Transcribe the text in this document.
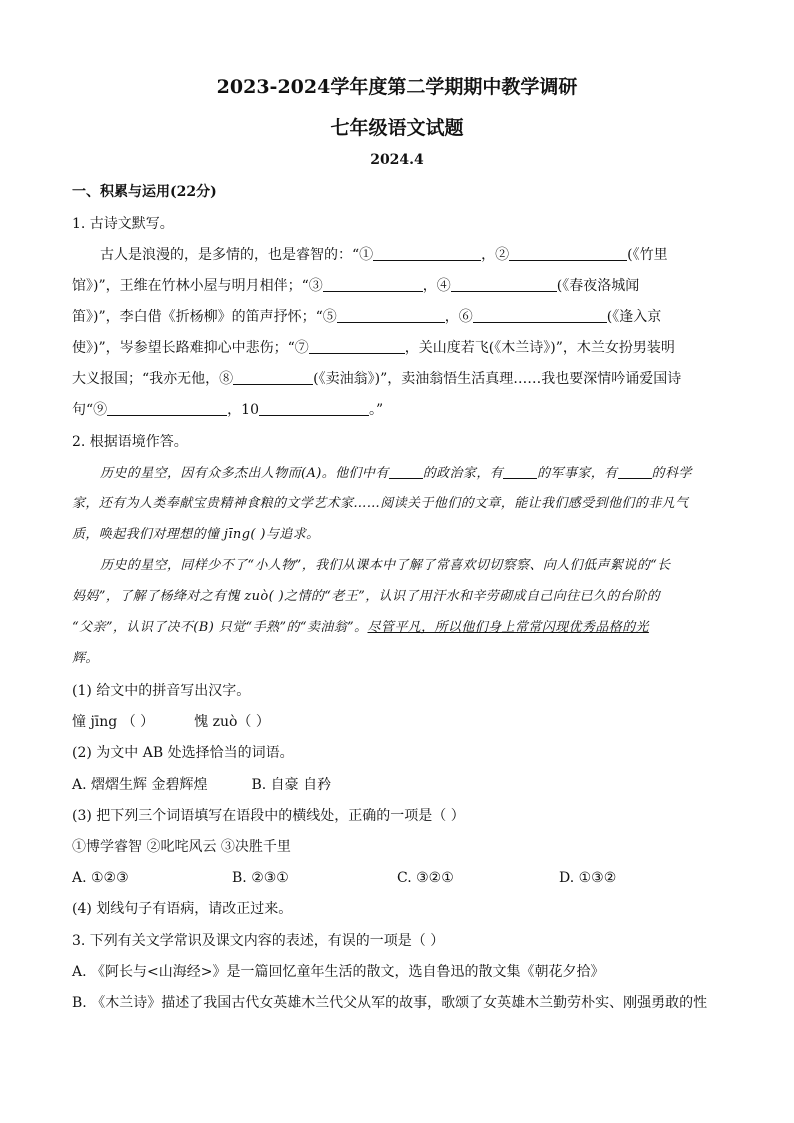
2023-2024学年度第二学期期中教学调研
七年级语文试题
2024.4
一、积累与运用(22分)
1. 古诗文默写。
古人是浪漫的，是多情的，也是睿智的：“①	，②	(《竹里
馆》)”，王维在竹林小屋与明月相伴；“③	，④	(《春夜洛城闻
笛》)”，李白借《折杨柳》的笛声抒怀；“⑤	，⑥	(《逢入京
使》)”，岑参望长路难抑心中悲伤；“⑦	，关山度若飞(《木兰诗》)”，木兰女扮男装明
大义报国；“我亦无他，⑧	(《卖油翁》)”，卖油翁悟生活真理……我也要深情吟诵爱国诗
句“⑨	，10	。”
2. 根据语境作答。
历史的星空，因有众多杰出人物而(A)。他们中有	的政治家，有	的军事家，有	的科学
家，还有为人类奉献宝贵精神食粮的文学艺术家……阅读关于他们的文章，能让我们感受到他们的非凡气
质，唤起我们对理想的憧 jīng( )与追求。
历史的星空，同样少不了“小人物”，我们从课本中了解了常喜欢切切察察、向人们低声絮说的“长
妈妈”，了解了杨绛对之有愧 zuò( )之情的“老王”，认识了用汗水和辛劳砌成自己向往已久的台阶的
“父亲”，认识了决不(B) 只觉“手熟”的“卖油翁”。尽管平凡，所以他们身上常常闪现优秀品格的光
辉。
(1) 给文中的拼音写出汉字。
憧 jīng （ ）	愧 zuò（ ）
(2) 为文中 AB 处选择恰当的词语。
A. 熠熠生辉 金碧辉煌	B. 自豪 自矜
(3) 把下列三个词语填写在语段中的横线处，正确的一项是（ ）
①博学睿智 ②叱咤风云 ③决胜千里
A. ①②③	B. ②③①	C. ③②①	D. ①③②
(4) 划线句子有语病，请改正过来。
3. 下列有关文学常识及课文内容的表述，有误的一项是（ ）
A. 《阿长与<山海经>》是一篇回忆童年生活的散文，选自鲁迅的散文集《朝花夕拾》
B. 《木兰诗》描述了我国古代女英雄木兰代父从军的故事，歌颂了女英雄木兰勤劳朴实、刚强勇敢的性
